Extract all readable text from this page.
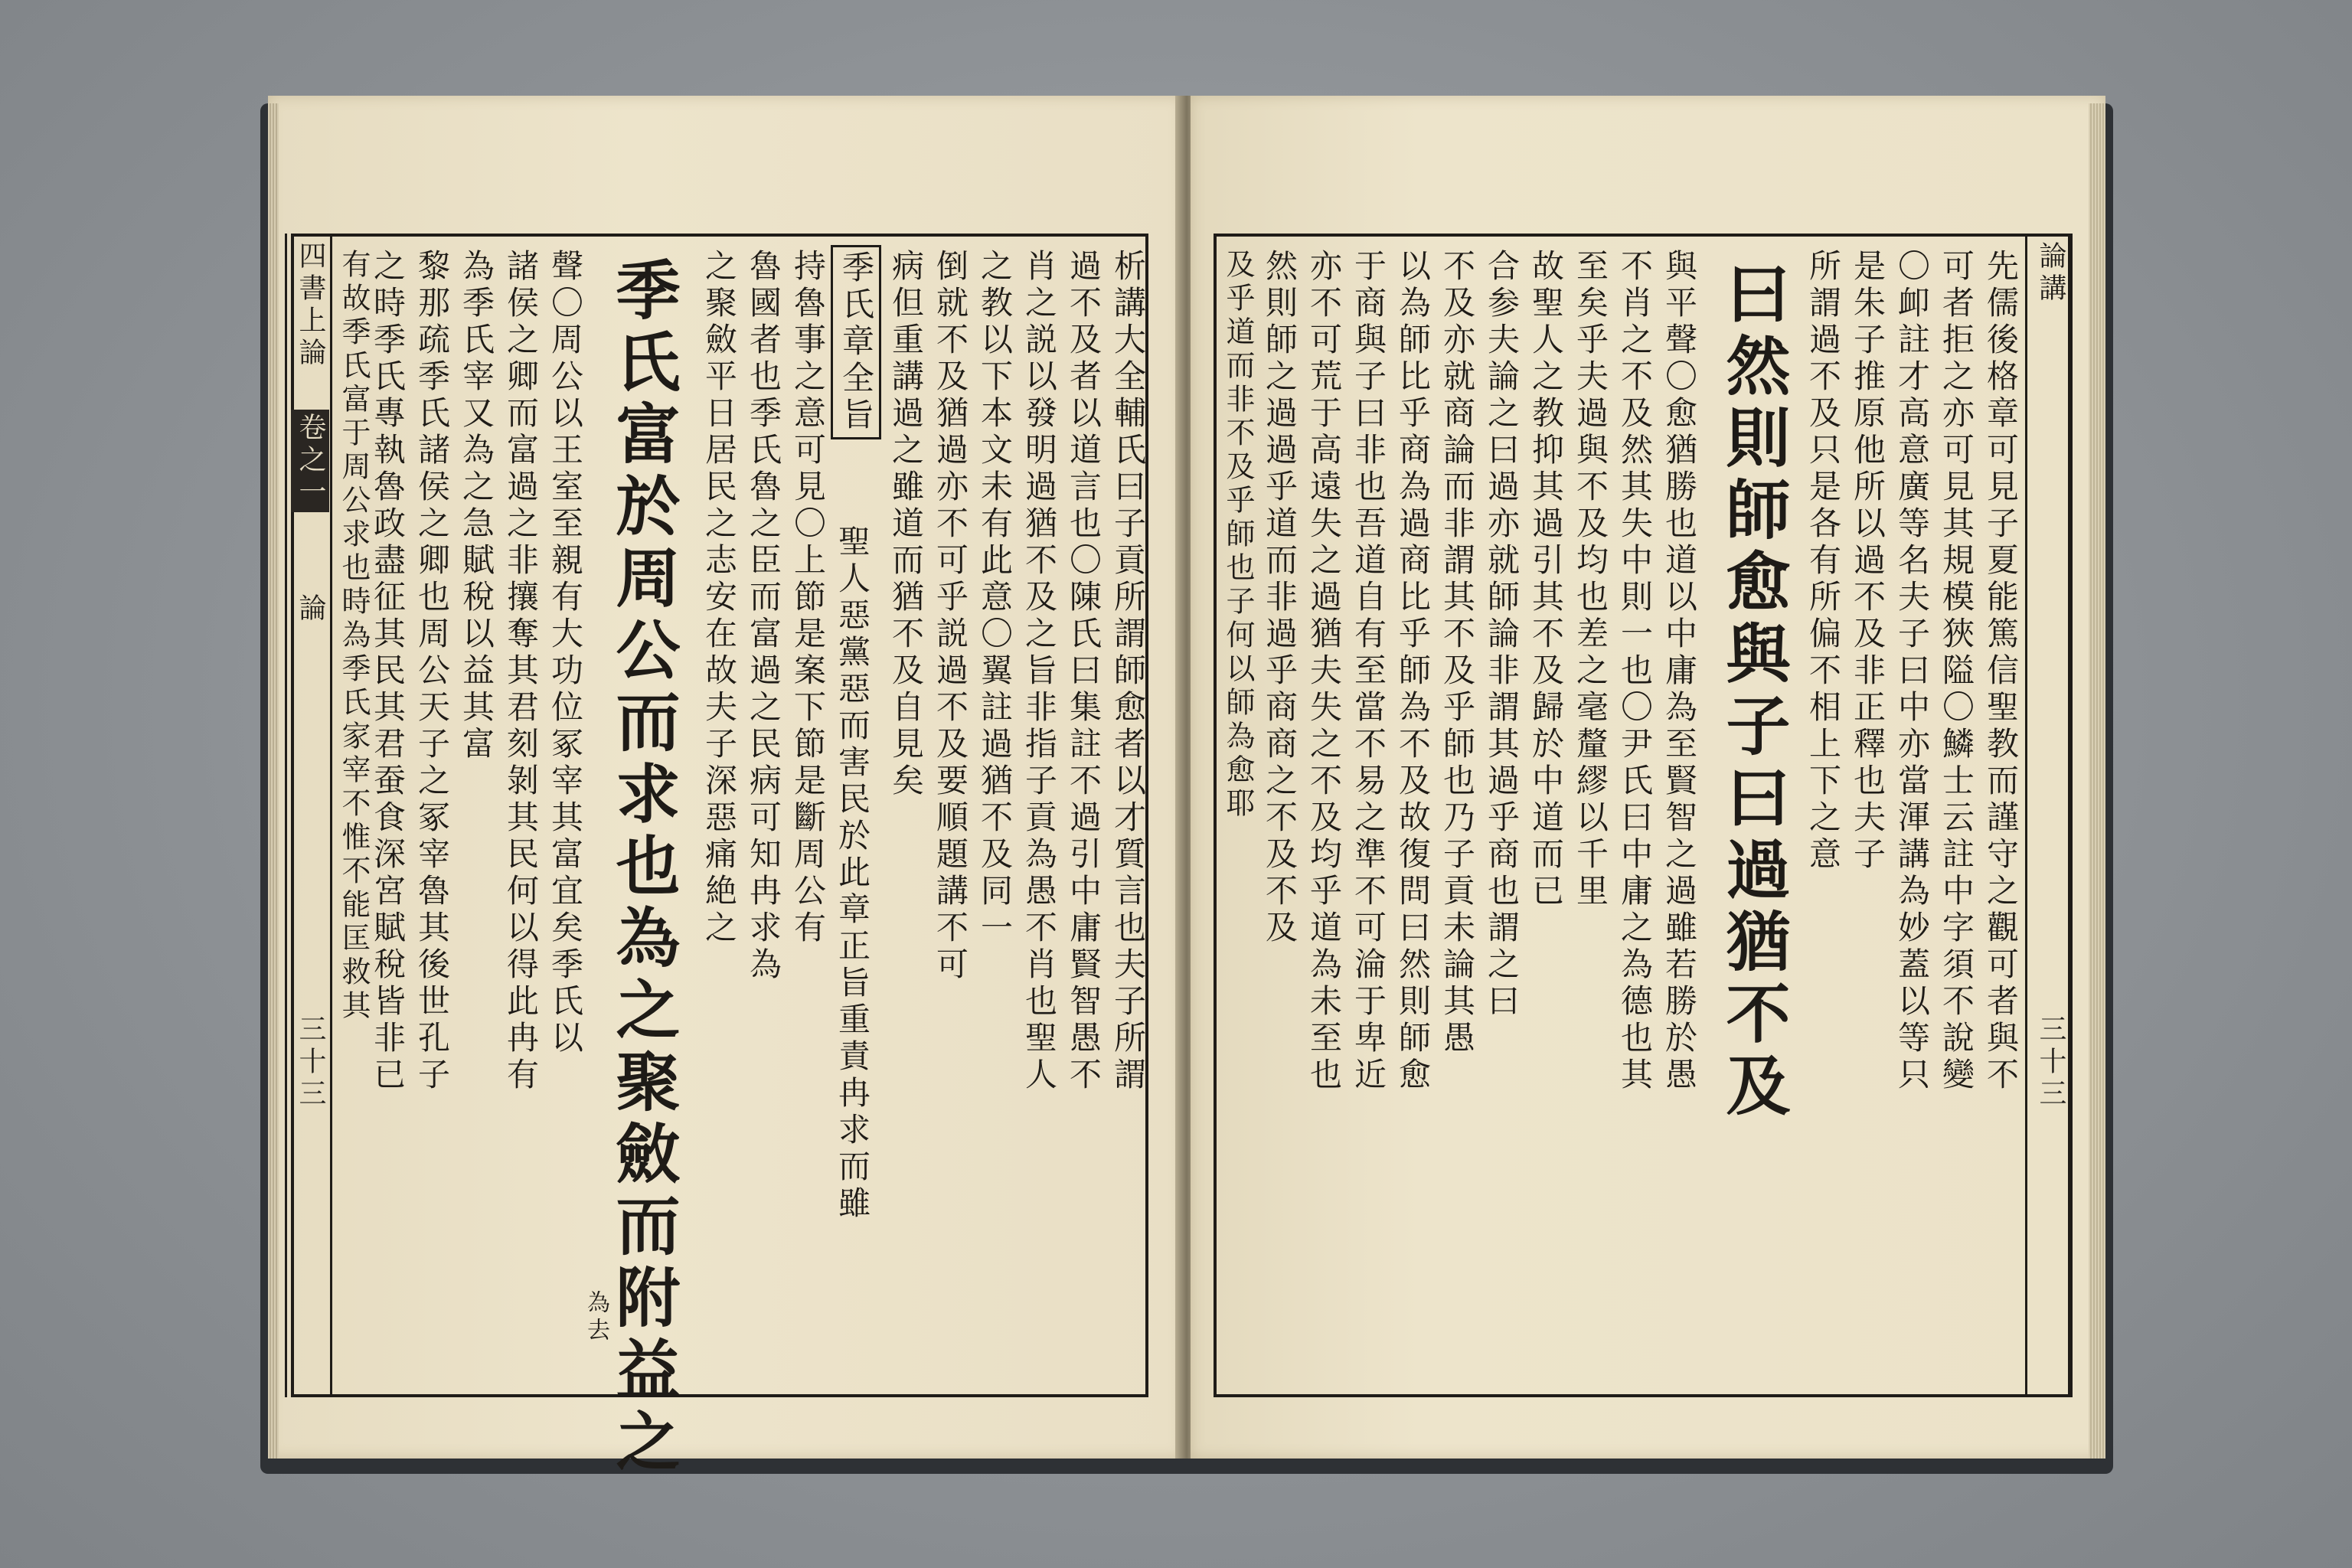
四書上論
卷之一
論
三十三	析講大全輔氏曰子貢所謂師愈者以才質言也夫子所謂
過不及者以道言也〇陳氏曰集註不過引中庸賢智愚不
肖之説以發明過猶不及之旨非指子貢為愚不肖也聖人
之教以下本文未有此意〇翼註過猶不及同一
倒就不及猶過亦不可乎説過不及要順題講不可
病但重講過之雖道而猶不及自見矣
季氏章全旨
聖人惡黨惡而害民於此章正旨重責冉求而雖
持魯事之意可見〇上節是案下節是斷周公有
魯國者也季氏魯之臣而富過之民病可知冉求為
之聚斂平日居民之志安在故夫子深惡痛絶之
季氏富於周公而求也為之聚斂而附益之
為去
聲〇周公以王室至親有大功位冢宰其富宜矣季氏以
諸侯之卿而富過之非攘奪其君刻剝其民何以得此冉有
為季氏宰又為之急賦稅以益其富
黎那疏季氏諸侯之卿也周公天子之冢宰魯其後世孔子
之時季氏專執魯政盡征其民其君蚕食深宮賦稅皆非已
有故季氏富于周公求也時為季氏家宰不惟不能匡救其	論講
三十三
先儒後格章可見子夏能篤信聖教而謹守之觀可者與不
可者拒之亦可見其規模狹隘〇鱗士云註中字須不說變
〇卹註才高意廣等名夫子曰中亦當渾講為妙蓋以等只
是朱子推原他所以過不及非正釋也夫子
所謂過不及只是各有所偏不相上下之意
曰然則師愈與子曰過猶不及
與平聲〇愈猶勝也道以中庸為至賢智之過雖若勝於愚
不肖之不及然其失中則一也〇尹氏曰中庸之為德也其
至矣乎夫過與不及均也差之毫釐繆以千里
故聖人之教抑其過引其不及歸於中道而已
合参夫論之曰過亦就師論非謂其過乎商也謂之曰
不及亦就商論而非謂其不及乎師也乃子貢未論其愚
以為師比乎商為過商比乎師為不及故復問曰然則師愈
于商與子曰非也吾道自有至當不易之準不可淪于卑近
亦不可荒于高遠失之過猶夫失之不及均乎道為未至也
然則師之過過乎道而非過乎商商之不及不及
及乎道而非不及乎師也子何以師為愈耶
